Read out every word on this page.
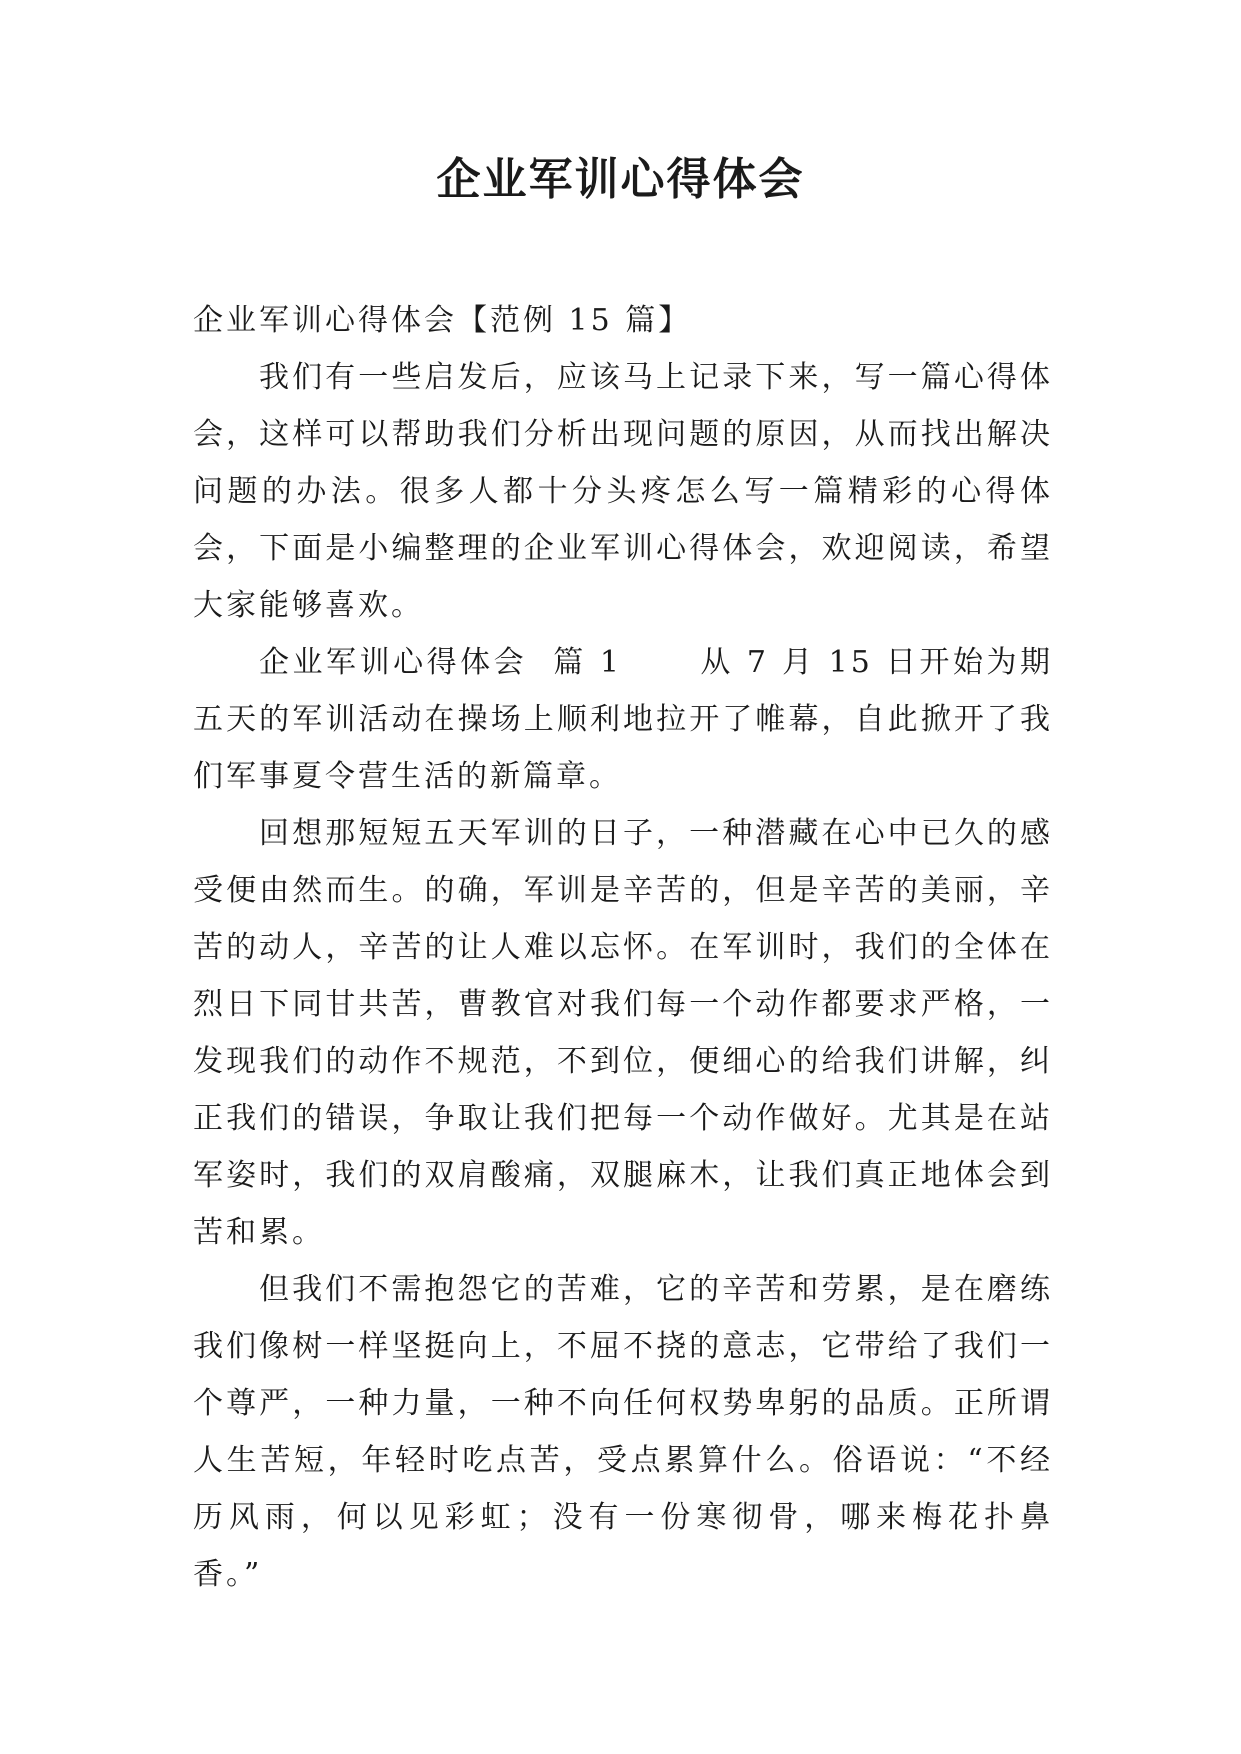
企业军训心得体会

企业军训心得体会【范例 15 篇】

我们有一些启发后，应该马上记录下来，写一篇心得体会，这样可以帮助我们分析出现问题的原因，从而找出解决问题的办法。很多人都十分头疼怎么写一篇精彩的心得体会，下面是小编整理的企业军训心得体会，欢迎阅读，希望大家能够喜欢。

企业军训心得体会  篇 1      从 7 月 15 日开始为期五天的军训活动在操场上顺利地拉开了帷幕，自此掀开了我们军事夏令营生活的新篇章。

回想那短短五天军训的日子，一种潜藏在心中已久的感受便由然而生。的确，军训是辛苦的，但是辛苦的美丽，辛苦的动人，辛苦的让人难以忘怀。在军训时，我们的全体在烈日下同甘共苦，曹教官对我们每一个动作都要求严格，一发现我们的动作不规范，不到位，便细心的给我们讲解，纠正我们的错误，争取让我们把每一个动作做好。尤其是在站军姿时，我们的双肩酸痛，双腿麻木，让我们真正地体会到苦和累。

但我们不需抱怨它的苦难，它的辛苦和劳累，是在磨练我们像树一样坚挺向上，不屈不挠的意志，它带给了我们一个尊严，一种力量，一种不向任何权势卑躬的品质。正所谓人生苦短，年轻时吃点苦，受点累算什么。俗语说：“不经历风雨，何以见彩虹；没有一份寒彻骨，哪来梅花扑鼻香。”
